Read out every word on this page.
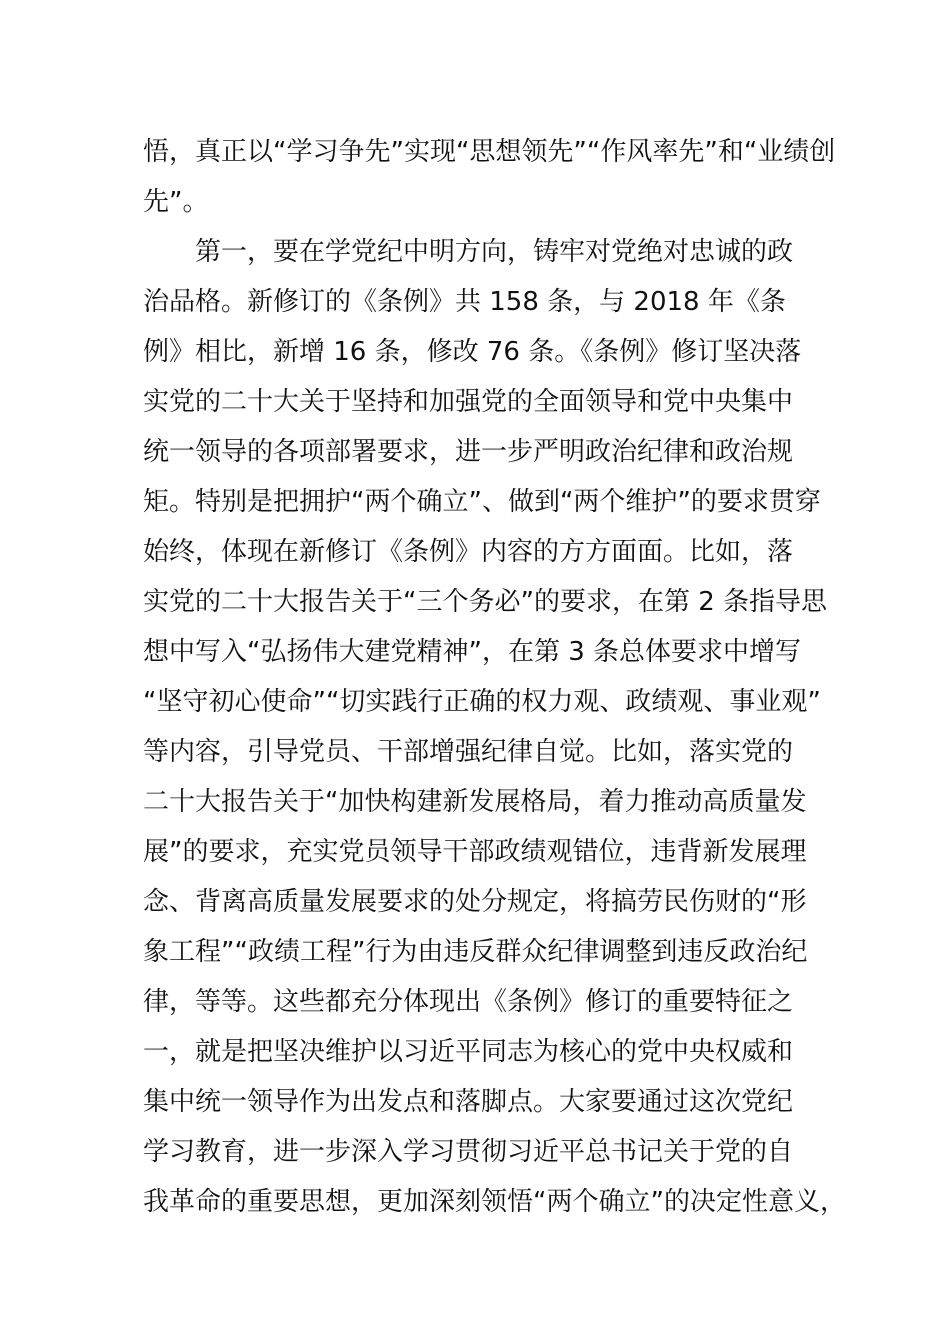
悟，真正以“学习争先”实现“思想领先”“作风率先”和“业绩创
先”。
　　第一，要在学党纪中明方向，铸牢对党绝对忠诚的政
治品格。新修订的《条例》共 158 条，与 2018 年《条
例》相比，新增 16 条，修改 76 条。《条例》修订坚决落
实党的二十大关于坚持和加强党的全面领导和党中央集中
统一领导的各项部署要求，进一步严明政治纪律和政治规
矩。特别是把拥护“两个确立”、做到“两个维护”的要求贯穿
始终，体现在新修订《条例》内容的方方面面。比如，落
实党的二十大报告关于“三个务必”的要求，在第 2 条指导思
想中写入“弘扬伟大建党精神”，在第 3 条总体要求中增写
“坚守初心使命”“切实践行正确的权力观、政绩观、事业观”
等内容，引导党员、干部增强纪律自觉。比如，落实党的
二十大报告关于“加快构建新发展格局，着力推动高质量发
展”的要求，充实党员领导干部政绩观错位，违背新发展理
念、背离高质量发展要求的处分规定，将搞劳民伤财的“形
象工程”“政绩工程”行为由违反群众纪律调整到违反政治纪
律，等等。这些都充分体现出《条例》修订的重要特征之
一，就是把坚决维护以习近平同志为核心的党中央权威和
集中统一领导作为出发点和落脚点。大家要通过这次党纪
学习教育，进一步深入学习贯彻习近平总书记关于党的自
我革命的重要思想，更加深刻领悟“两个确立”的决定性意义，
